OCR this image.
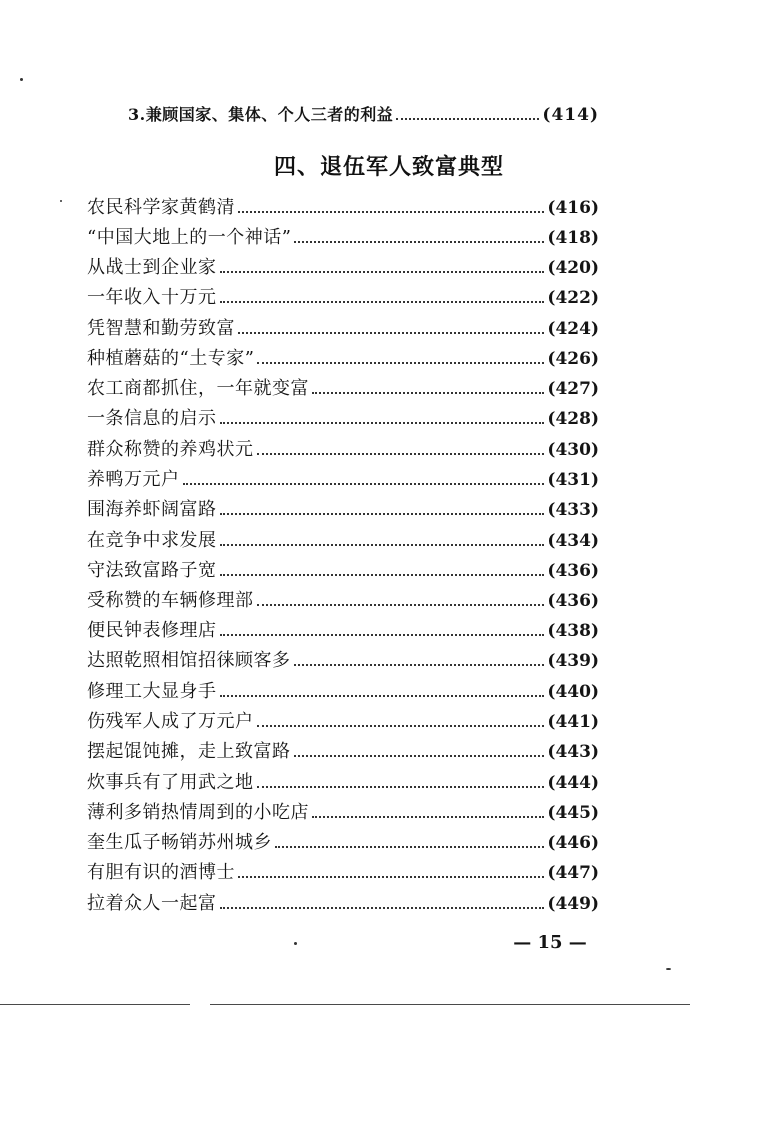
3.兼顾国家、集体、个人三者的利益	(414)
四、退伍军人致富典型
农民科学家黄鹤清	(416)
“中国大地上的一个神话”	(418)
从战士到企业家	(420)
一年收入十万元	(422)
凭智慧和勤劳致富	(424)
种植蘑菇的“土专家”	(426)
农工商都抓住，一年就变富	(427)
一条信息的启示	(428)
群众称赞的养鸡状元	(430)
养鸭万元户	(431)
围海养虾阔富路	(433)
在竞争中求发展	(434)
守法致富路子宽	(436)
受称赞的车辆修理部	(436)
便民钟表修理店	(438)
达照乾照相馆招徕顾客多	(439)
修理工大显身手	(440)
伤残军人成了万元户	(441)
摆起馄饨摊，走上致富路	(443)
炊事兵有了用武之地	(444)
薄利多销热情周到的小吃店	(445)
奎生瓜子畅销苏州城乡	(446)
有胆有识的酒博士	(447)
拉着众人一起富	(449)
— 15 —
